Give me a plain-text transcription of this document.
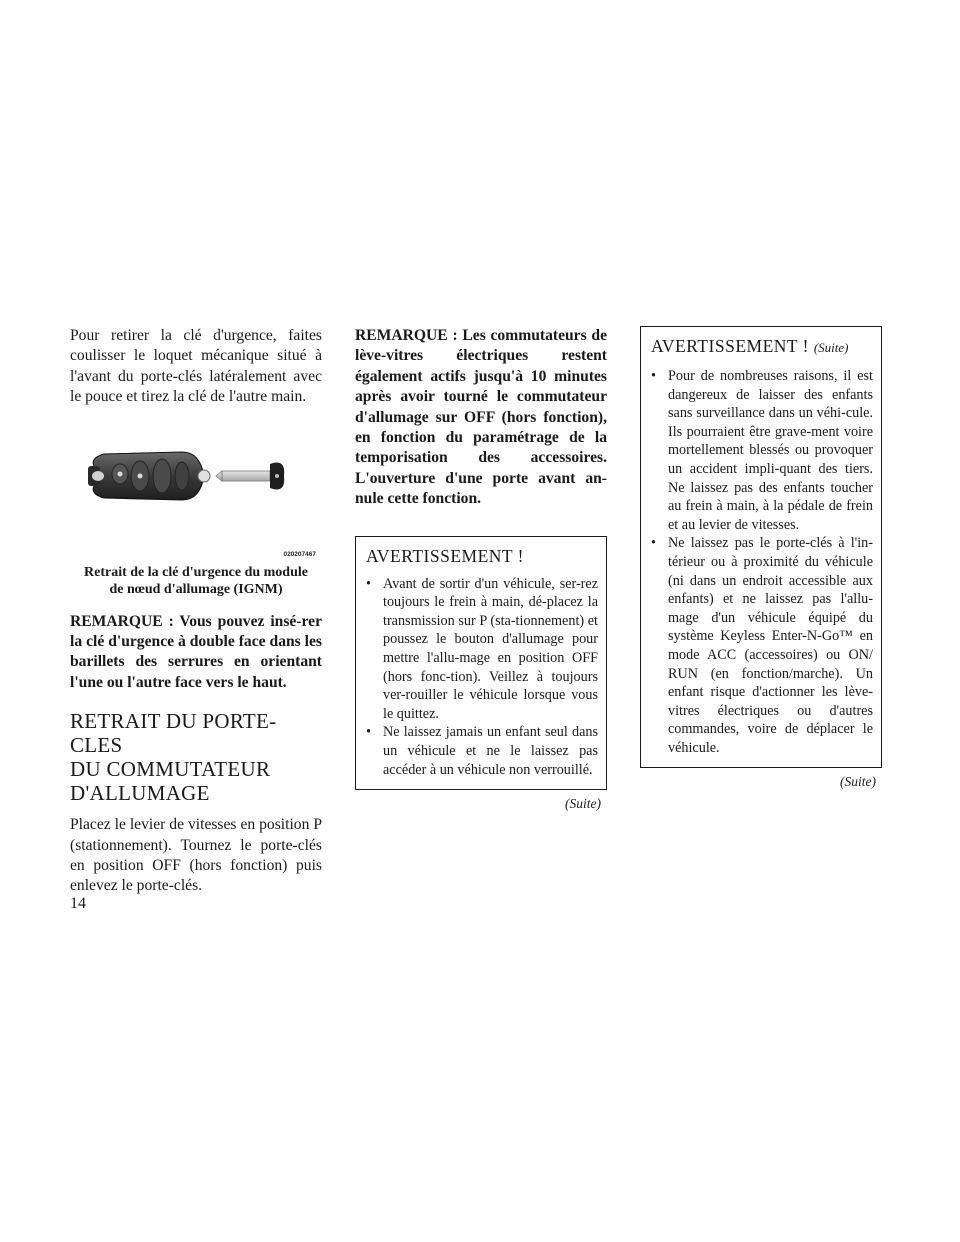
Pour retirer la clé d'urgence, faites coulisser le loquet mécanique situé à l'avant du porte-clés latéralement avec le pouce et tirez la clé de l'autre main.

020207467
Retrait de la clé d'urgence du module
de nœud d'allumage (IGNM)

REMARQUE : Vous pouvez insé-rer la clé d'urgence à double face dans les barillets des serrures en orientant l'une ou l'autre face vers le haut.

RETRAIT DU PORTE-CLES
DU COMMUTATEUR
D'ALLUMAGE

Placez le levier de vitesses en position P (stationnement). Tournez le porte-clés en position OFF (hors fonction) puis enlevez le porte-clés.

REMARQUE : Les commutateurs de lève-vitres électriques restent également actifs jusqu'à 10 minutes après avoir tourné le commutateur d'allumage sur OFF (hors fonction), en fonction du paramétrage de la temporisation des accessoires. L'ouverture d'une porte avant an-nule cette fonction.

AVERTISSEMENT !
• Avant de sortir d'un véhicule, ser-rez toujours le frein à main, dé-placez la transmission sur P (sta-tionnement) et poussez le bouton d'allumage pour mettre l'allu-mage en position OFF (hors fonc-tion). Veillez à toujours ver-rouiller le véhicule lorsque vous le quittez.
• Ne laissez jamais un enfant seul dans un véhicule et ne le laissez pas accéder à un véhicule non verrouillé.
(Suite)
AVERTISSEMENT ! (Suite)
• Pour de nombreuses raisons, il est dangereux de laisser des enfants sans surveillance dans un véhi-cule. Ils pourraient être grave-ment voire mortellement blessés ou provoquer un accident impli-quant des tiers. Ne laissez pas des enfants toucher au frein à main, à la pédale de frein et au levier de vitesses.
• Ne laissez pas le porte-clés à l'in-térieur ou à proximité du véhicule (ni dans un endroit accessible aux enfants) et ne laissez pas l'allu-mage d'un véhicule équipé du système Keyless Enter-N-Go™ en mode ACC (accessoires) ou ON/ RUN (en fonction/marche). Un enfant risque d'actionner les lève-vitres électriques ou d'autres commandes, voire de déplacer le véhicule.
(Suite)
14
